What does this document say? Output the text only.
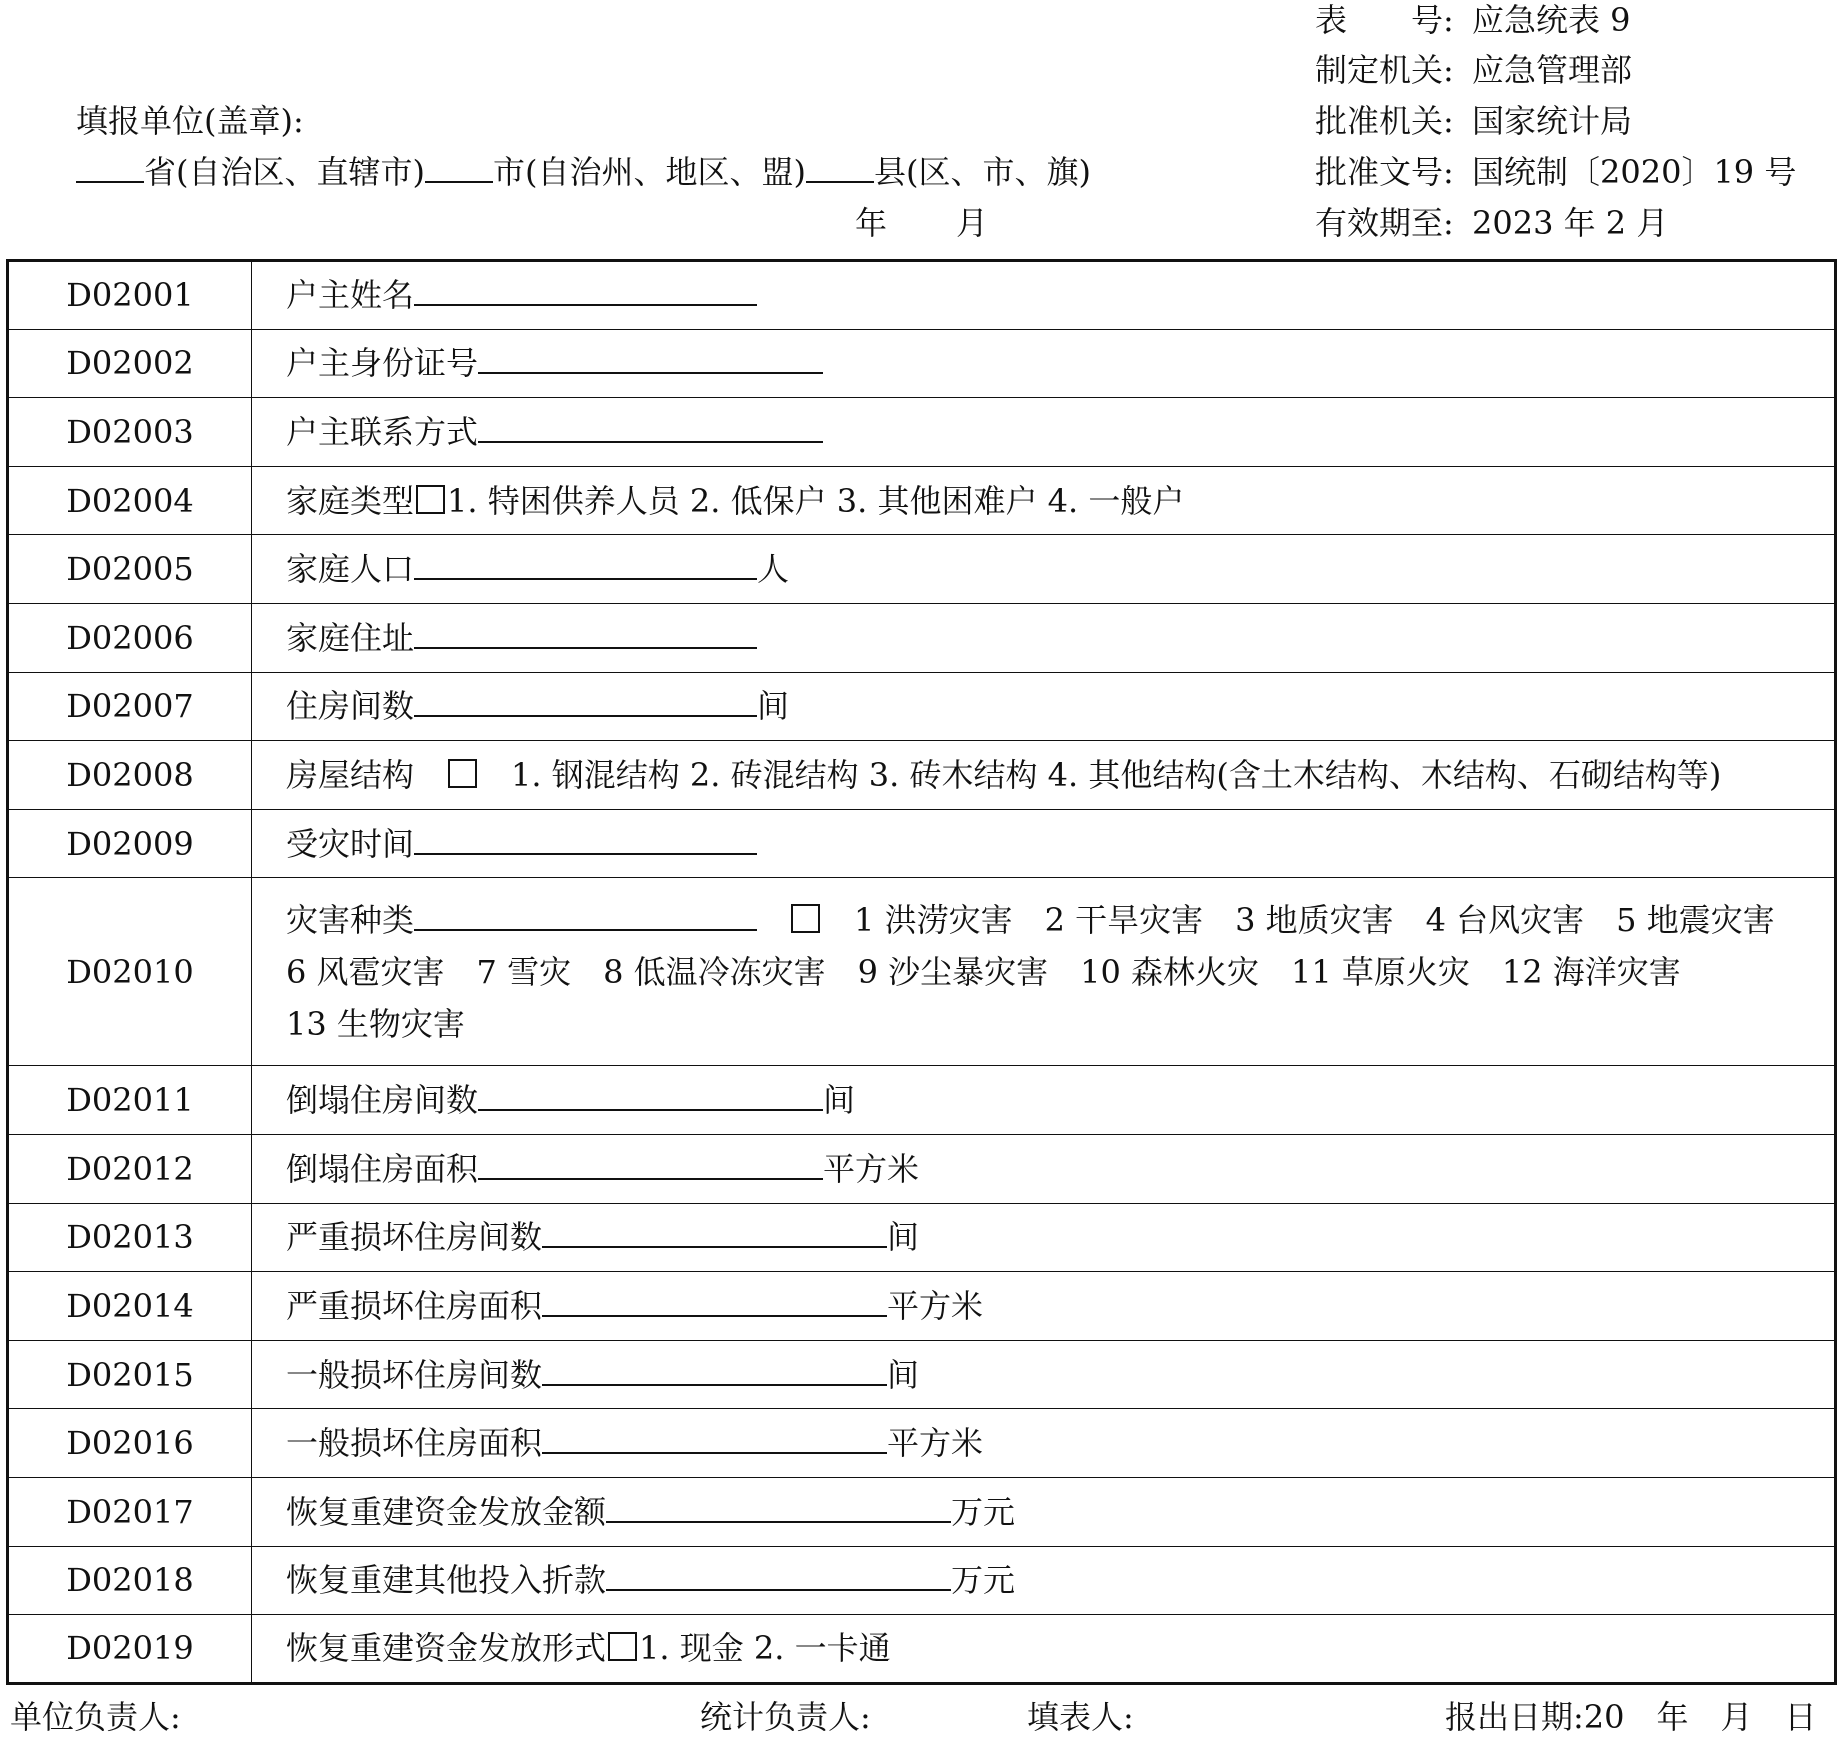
表　　号: 应急统表 9
制定机关: 应急管理部
批准机关: 国家统计局
批准文号: 国统制〔2020〕19 号
有效期至: 2023 年 2 月
填报单位(盖章):
省(自治区、直辖市) 市(自治州、地区、盟) 县(区、市、旗)
年 月
D02001	户主姓名

D02002	户主身份证号

D02003	户主联系方式

D02004	家庭类型 1. 特困供养人员 2. 低保户 3. 其他困难户 4. 一般户

D02005	家庭人口 人

D02006	家庭住址

D02007	住房间数 间

D02008	房屋结构　　 1. 钢混结构 2. 砖混结构 3. 砖木结构 4. 其他结构(含土木结构、木结构、石砌结构等)

D02009	受灾时间

D02010	灾害种类　　 1 洪涝灾害　2 干旱灾害　3 地质灾害　4 台风灾害　5 地震灾害
6 风雹灾害　7 雪灾　8 低温冷冻灾害　9 沙尘暴灾害　10 森林火灾　11 草原火灾　12 海洋灾害
13 生物灾害

D02011	倒塌住房间数 间

D02012	倒塌住房面积 平方米

D02013	严重损坏住房间数 间

D02014	严重损坏住房面积 平方米

D02015	一般损坏住房间数 间

D02016	一般损坏住房面积 平方米

D02017	恢复重建资金发放金额 万元

D02018	恢复重建其他投入折款 万元

D02019	恢复重建资金发放形式 1. 现金 2. 一卡通
单位负责人:	统计负责人:	填表人:	报出日期:20　年　月　日
